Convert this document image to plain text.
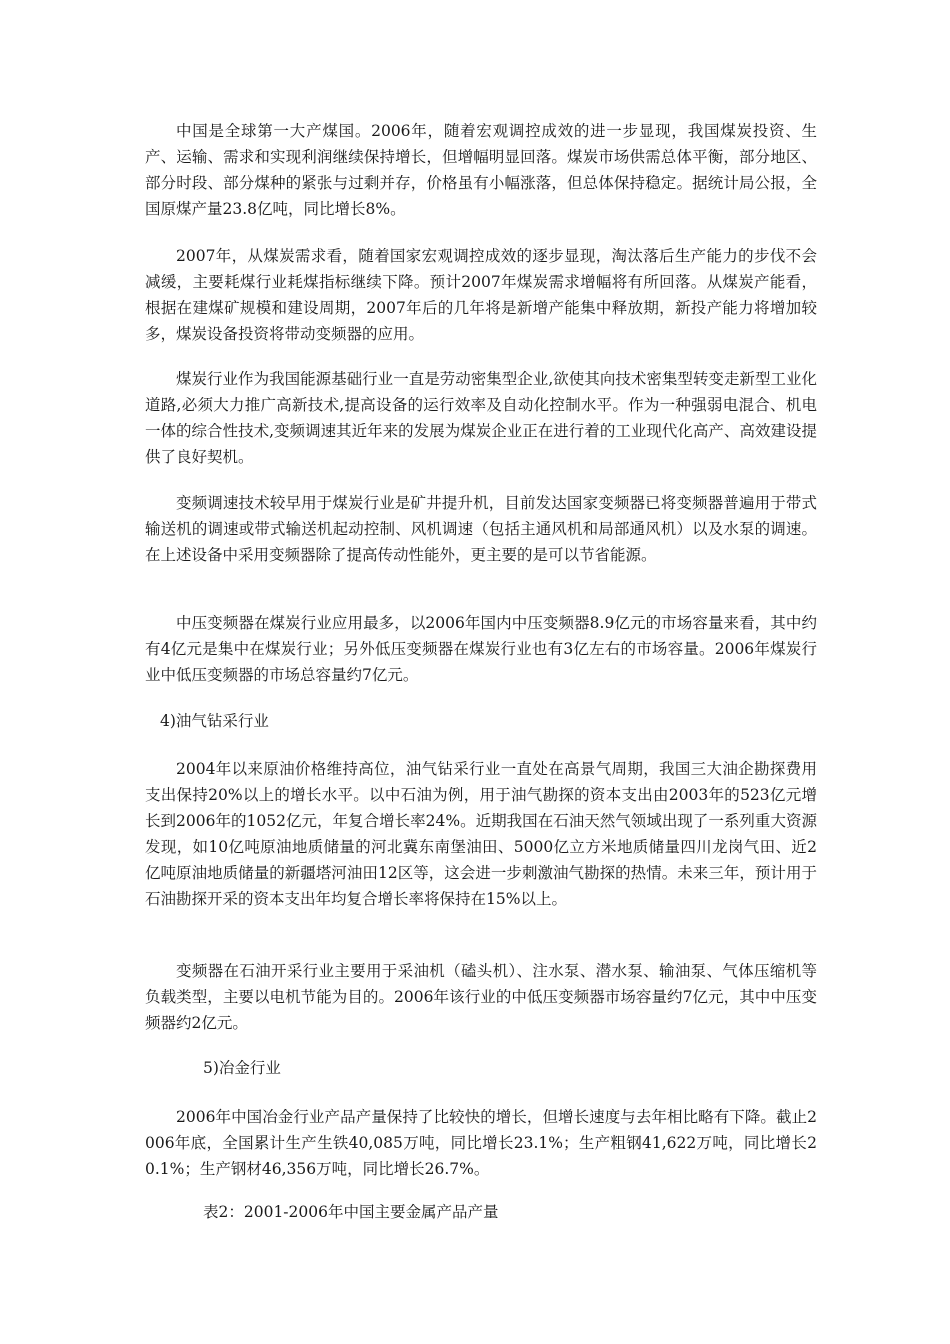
中国是全球第一大产煤国。2006年，随着宏观调控成效的进一步显现，我国煤炭投资、生产、运输、需求和实现利润继续保持增长，但增幅明显回落。煤炭市场供需总体平衡，部分地区、部分时段、部分煤种的紧张与过剩并存，价格虽有小幅涨落，但总体保持稳定。据统计局公报，全国原煤产量23.8亿吨，同比增长8%。

2007年，从煤炭需求看，随着国家宏观调控成效的逐步显现，淘汰落后生产能力的步伐不会减缓，主要耗煤行业耗煤指标继续下降。预计2007年煤炭需求增幅将有所回落。从煤炭产能看，根据在建煤矿规模和建设周期，2007年后的几年将是新增产能集中释放期，新投产能力将增加较多，煤炭设备投资将带动变频器的应用。

煤炭行业作为我国能源基础行业一直是劳动密集型企业,欲使其向技术密集型转变走新型工业化道路,必须大力推广高新技术,提高设备的运行效率及自动化控制水平。作为一种强弱电混合、机电一体的综合性技术,变频调速其近年来的发展为煤炭企业正在进行着的工业现代化高产、高效建设提供了良好契机。

变频调速技术较早用于煤炭行业是矿井提升机，目前发达国家变频器已将变频器普遍用于带式输送机的调速或带式输送机起动控制、风机调速（包括主通风机和局部通风机）以及水泵的调速。在上述设备中采用变频器除了提高传动性能外，更主要的是可以节省能源。

中压变频器在煤炭行业应用最多，以2006年国内中压变频器8.9亿元的市场容量来看，其中约有4亿元是集中在煤炭行业；另外低压变频器在煤炭行业也有3亿左右的市场容量。2006年煤炭行业中低压变频器的市场总容量约7亿元。

4)油气钻采行业

2004年以来原油价格维持高位，油气钻采行业一直处在高景气周期，我国三大油企勘探费用支出保持20%以上的增长水平。以中石油为例，用于油气勘探的资本支出由2003年的523亿元增长到2006年的1052亿元，年复合增长率24%。近期我国在石油天然气领域出现了一系列重大资源发现，如10亿吨原油地质储量的河北冀东南堡油田、5000亿立方米地质储量四川龙岗气田、近2亿吨原油地质储量的新疆塔河油田12区等，这会进一步刺激油气勘探的热情。未来三年，预计用于石油勘探开采的资本支出年均复合增长率将保持在15%以上。

变频器在石油开采行业主要用于采油机（磕头机）、注水泵、潜水泵、输油泵、气体压缩机等负载类型，主要以电机节能为目的。2006年该行业的中低压变频器市场容量约7亿元，其中中压变频器约2亿元。

5)冶金行业

2006年中国冶金行业产品产量保持了比较快的增长，但增长速度与去年相比略有下降。截止2006年底，全国累计生产生铁40,085万吨，同比增长23.1%；生产粗钢41,622万吨，同比增长20.1%；生产钢材46,356万吨，同比增长26.7%。

表2：2001-2006年中国主要金属产品产量
